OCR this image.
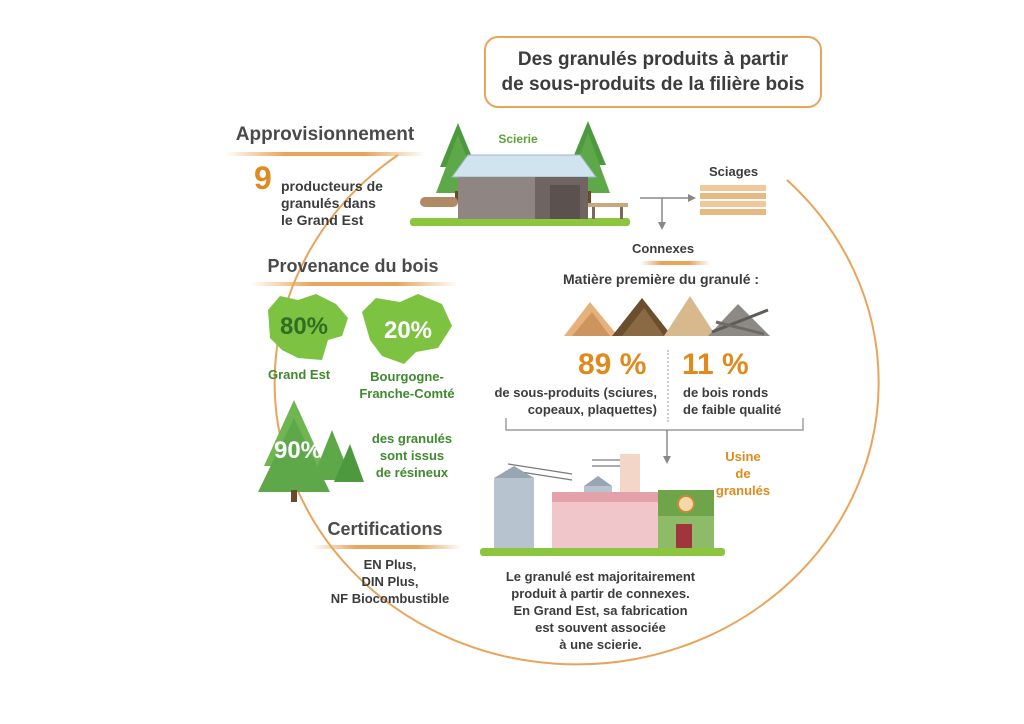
Des granulés produits à partir
de sous-produits de la filière bois
Approvisionnement
9 producteurs de
granulés dans
le Grand Est
Scierie
Sciages
Connexes
Matière première du granulé :
89 %
de sous-produits (sciures,
copeaux, plaquettes)
11 %
de bois ronds
de faible qualité
Usine
de granulés
Le granulé est majoritairement
produit à partir de connexes.
En Grand Est, sa fabrication
est souvent associée
à une scierie.
Provenance du bois
80%
Grand Est
20%
Bourgogne-
Franche-Comté
90%	des granulés
sont issus
de résineux
Certifications
EN Plus,
DIN Plus,
NF Biocombustible
